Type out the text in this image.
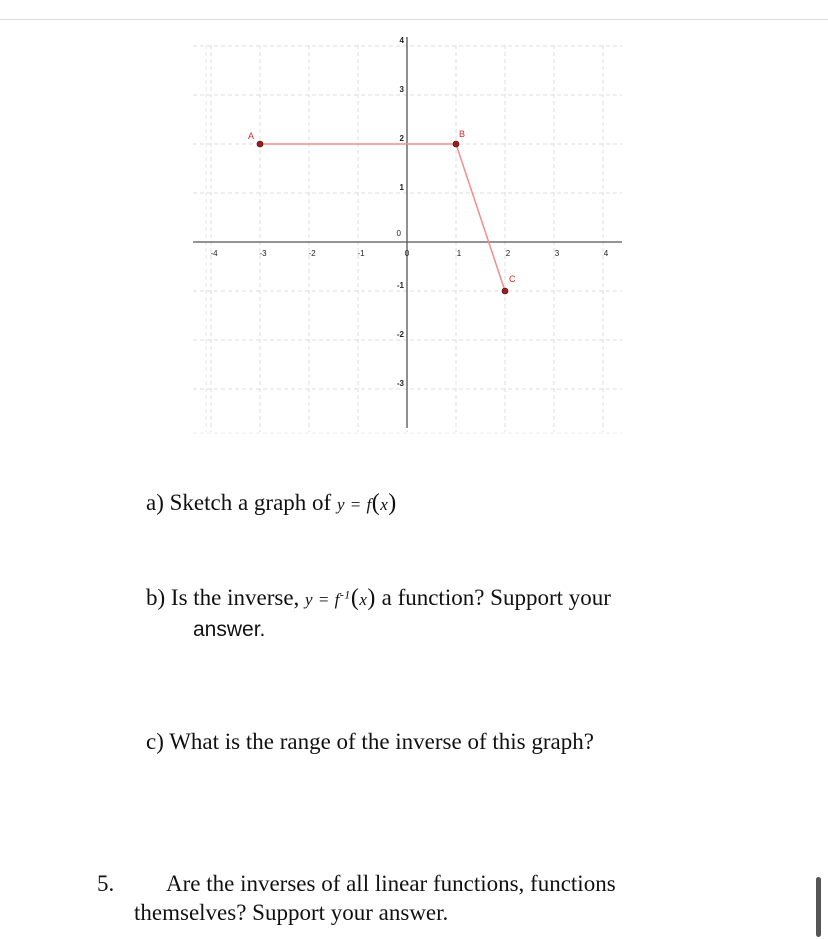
-4	-3	-2	-1	0	1	2	3	4
4
3
2
1
0
-1
-2
-3
A	B
C
a) Sketch a graph of y = f(x)
b) Is the inverse, $y = f^{-1}(x)$ a function? Support your
answer.
c) What is the range of the inverse of this graph?
5. Are the inverses of all linear functions, functions
themselves? Support your answer.
